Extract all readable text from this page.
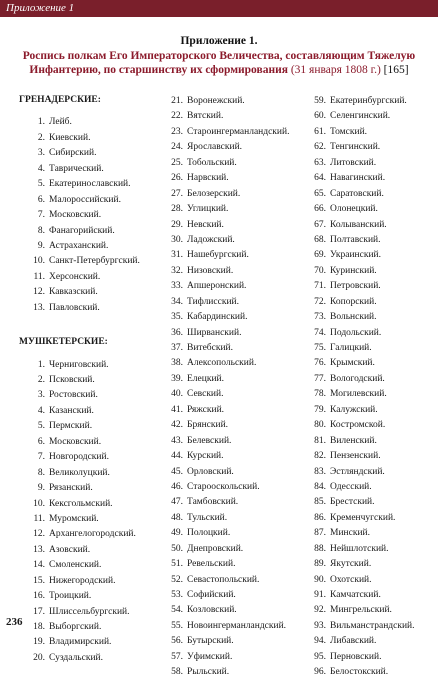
Приложение 1
Приложение 1.
Роспись полкам Его Императорского Величества, составляющим Тяжелую
Инфантерию, по старшинству их сформирования (31 января 1808 г.) [165]
ГРЕНАДЕРСКИЕ:
1. Лейб.
2. Киевский.
3. Сибирский.
4. Таврический.
5. Екатеринославский.
6. Малороссийский.
7. Московский.
8. Фанагорийский.
9. Астраханский.
10. Санкт-Петербургский.
11. Херсонский.
12. Кавказский.
13. Павловский.
МУШКЕТЕРСКИЕ:
1. Черниговский.
2. Псковский.
3. Ростовский.
4. Казанский.
5. Пермский.
6. Московский.
7. Новгородский.
8. Великолуцкий.
9. Рязанский.
10. Кексгольмский.
11. Муромский.
12. Архангелогородский.
13. Азовский.
14. Смоленский.
15. Нижегородский.
16. Троицкий.
17. Шлиссельбургский.
18. Выборгский.
19. Владимирский.
20. Суздальский.
21. Воронежский.
22. Вятский.
23. Староингерманландский.
24. Ярославский.
25. Тобольский.
26. Нарвский.
27. Белозерский.
28. Углицкий.
29. Невский.
30. Ладожский.
31. Нашебургский.
32. Низовский.
33. Апшеронский.
34. Тифлисский.
35. Кабардинский.
36. Ширванский.
37. Витебский.
38. Алексопольский.
39. Елецкий.
40. Севский.
41. Ряжский.
42. Брянский.
43. Белевский.
44. Курский.
45. Орловский.
46. Старооскольский.
47. Тамбовский.
48. Тульский.
49. Полоцкий.
50. Днепровский.
51. Ревельский.
52. Севастопольский.
53. Софийский.
54. Козловский.
55. Новоингерманландский.
56. Бутырский.
57. Уфимский.
58. Рыльский.
59. Екатеринбургский.
60. Селенгинский.
61. Томский.
62. Тенгинский.
63. Литовский.
64. Навагинский.
65. Саратовский.
66. Олонецкий.
67. Колыванский.
68. Полтавский.
69. Украинский.
70. Куринский.
71. Петровский.
72. Копорский.
73. Вольнский.
74. Подольский.
75. Галицкий.
76. Крымский.
77. Вологодский.
78. Могилевский.
79. Калужский.
80. Костромской.
81. Виленский.
82. Пензенский.
83. Эстляндский.
84. Одесский.
85. Брестский.
86. Кременчугский.
87. Минский.
88. Нейшлотский.
89. Якутский.
90. Охотский.
91. Камчатский.
92. Мингрельский.
93. Вильманстрандский.
94. Либавский.
95. Перновский.
96. Белостокский.
236
